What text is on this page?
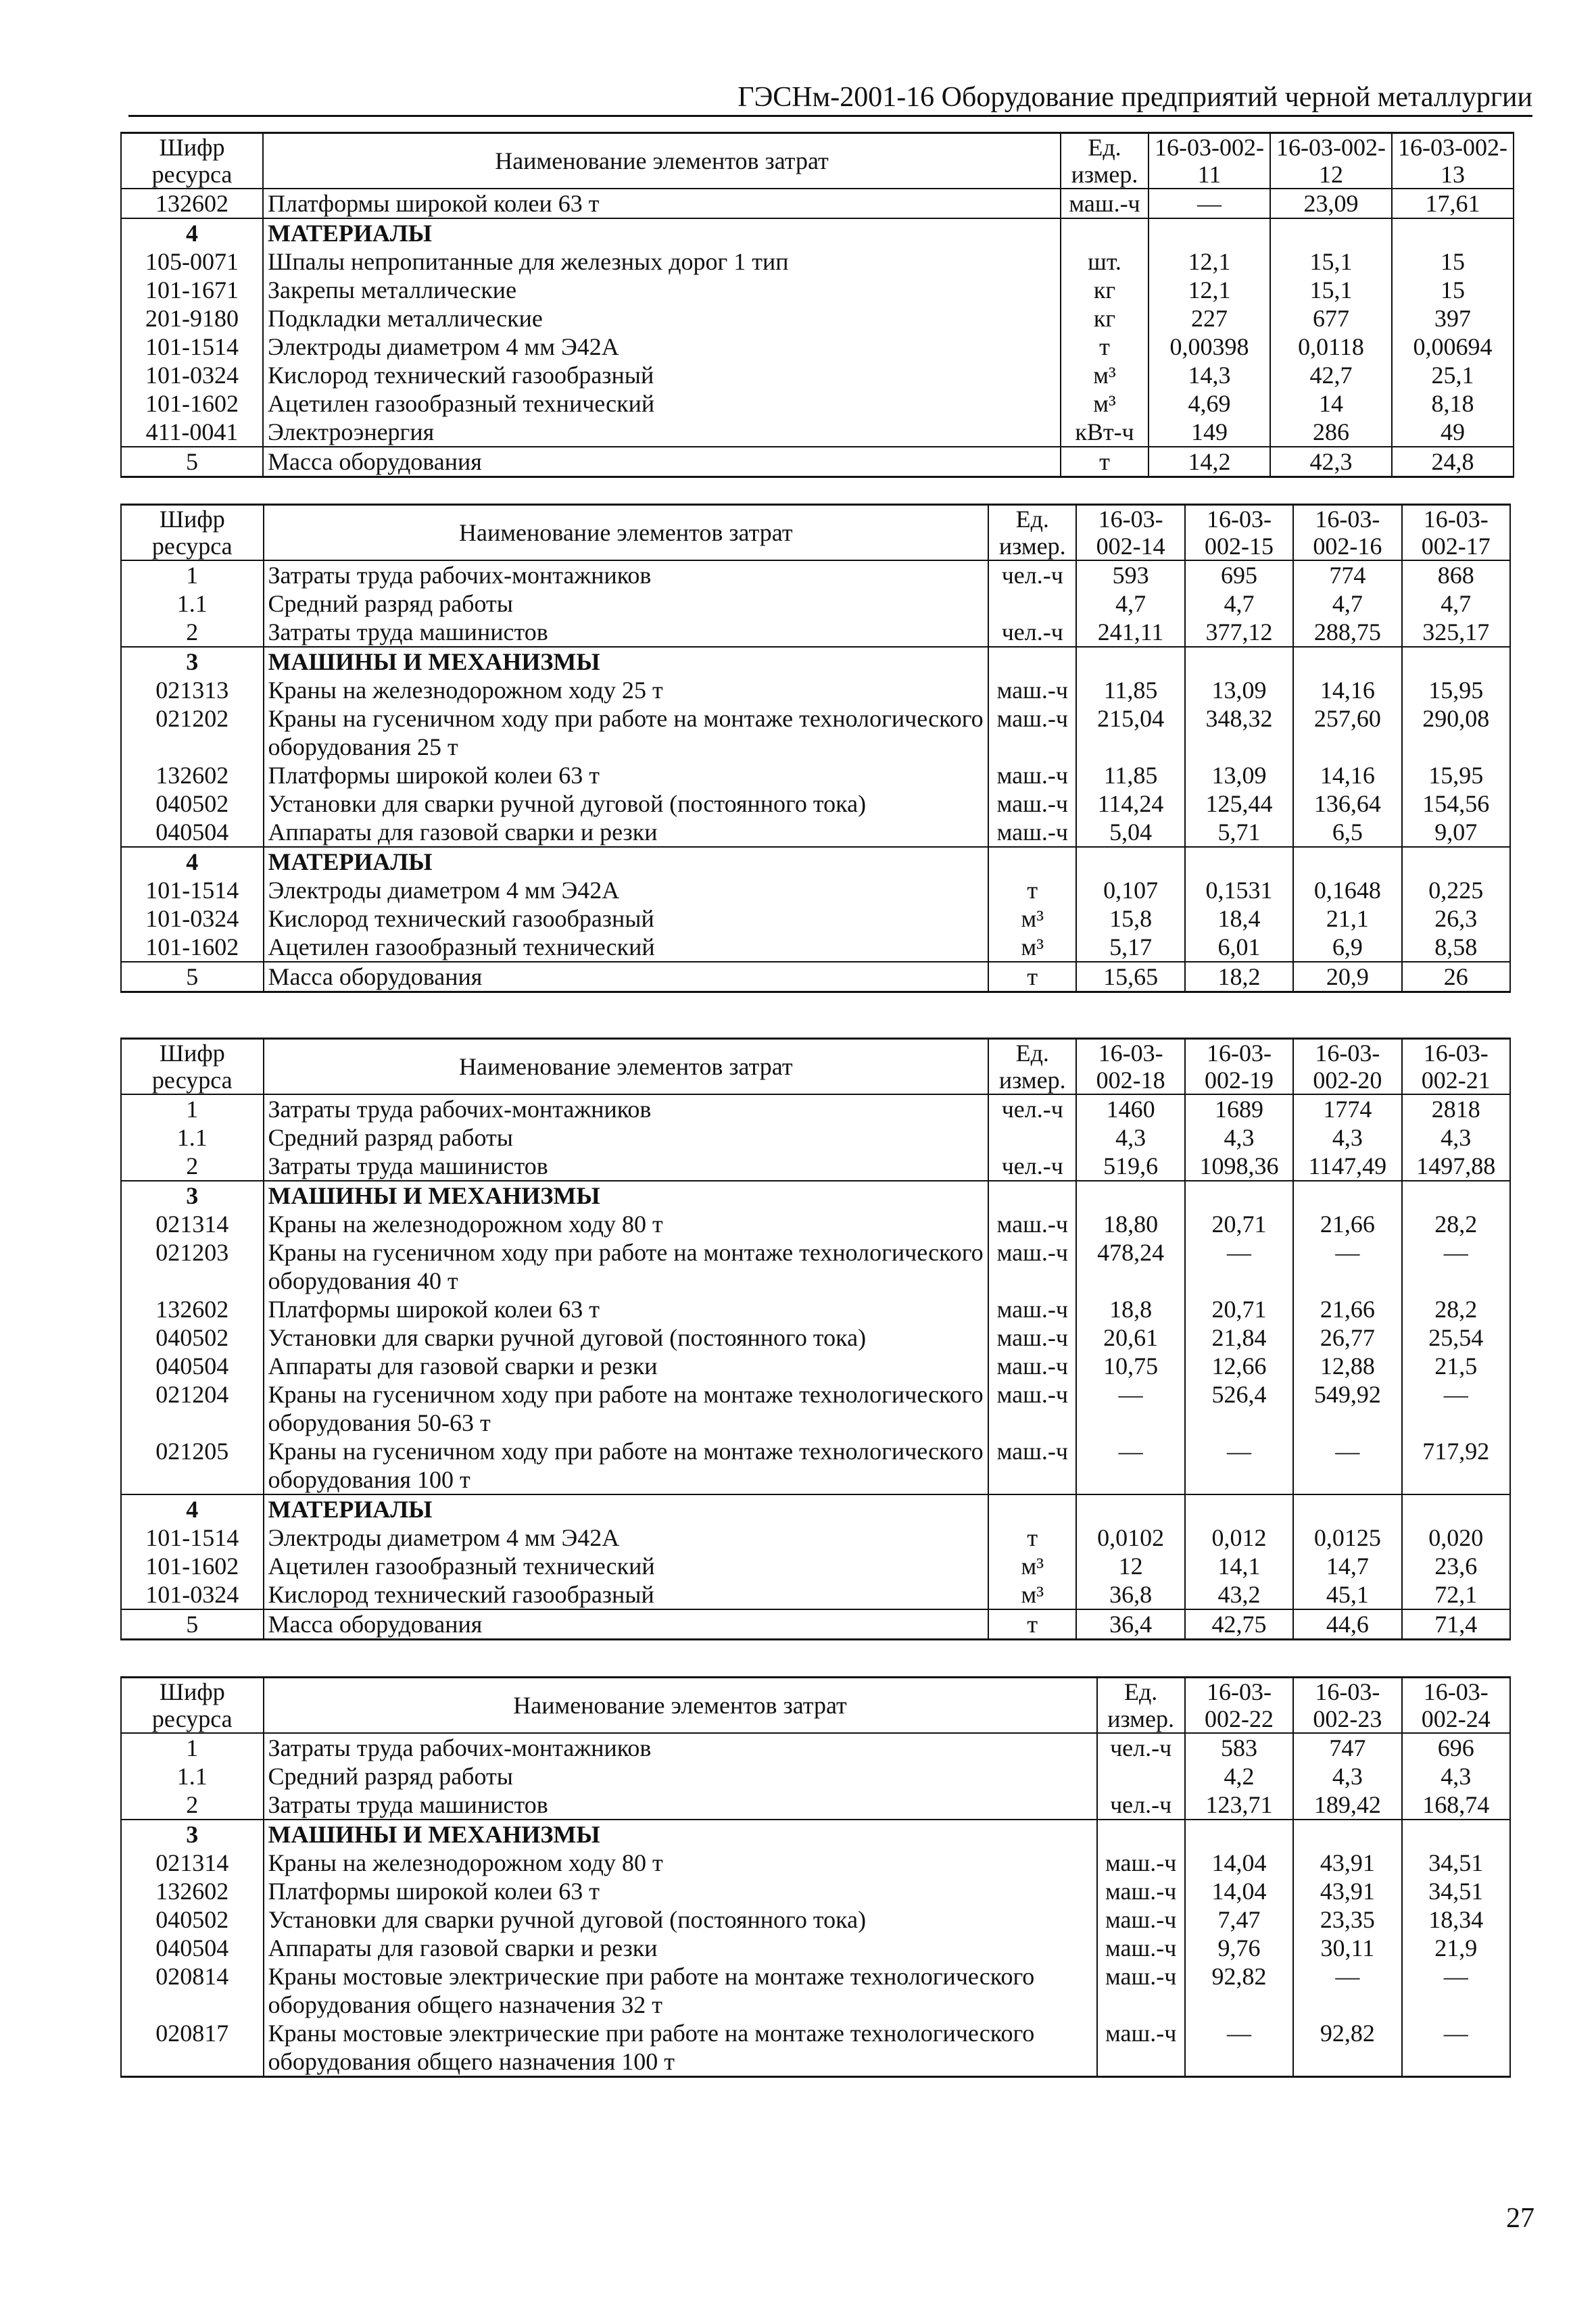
ГЭСНм-2001-16 Оборудование предприятий черной металлургии
Шифр ресурса	Наименование элементов затрат	Ед. измер.	16-03-002-11	16-03-002-12	16-03-002-13
132602	Платформы широкой колеи 63 т	маш.-ч	—	23,09	17,61
4	МАТЕРИАЛЫ				
105-0071	Шпалы непропитанные для железных дорог 1 тип	шт.	12,1	15,1	15
101-1671	Закрепы металлические	кг	12,1	15,1	15
201-9180	Подкладки металлические	кг	227	677	397
101-1514	Электроды диаметром 4 мм Э42А	т	0,00398	0,0118	0,00694
101-0324	Кислород технический газообразный	м³	14,3	42,7	25,1
101-1602	Ацетилен газообразный технический	м³	4,69	14	8,18
411-0041	Электроэнергия	кВт-ч	149	286	49
5	Масса оборудования	т	14,2	42,3	24,8
Шифр ресурса	Наименование элементов затрат	Ед. измер.	16-03-002-14	16-03-002-15	16-03-002-16	16-03-002-17
1	Затраты труда рабочих-монтажников	чел.-ч	593	695	774	868
1.1	Средний разряд работы		4,7	4,7	4,7	4,7
2	Затраты труда машинистов	чел.-ч	241,11	377,12	288,75	325,17
3	МАШИНЫ И МЕХАНИЗМЫ					
021313	Краны на железнодорожном ходу 25 т	маш.-ч	11,85	13,09	14,16	15,95
021202	Краны на гусеничном ходу при работе на монтаже технологического оборудования 25 т	маш.-ч	215,04	348,32	257,60	290,08
132602	Платформы широкой колеи 63 т	маш.-ч	11,85	13,09	14,16	15,95
040502	Установки для сварки ручной дуговой (постоянного тока)	маш.-ч	114,24	125,44	136,64	154,56
040504	Аппараты для газовой сварки и резки	маш.-ч	5,04	5,71	6,5	9,07
4	МАТЕРИАЛЫ					
101-1514	Электроды диаметром 4 мм Э42А	т	0,107	0,1531	0,1648	0,225
101-0324	Кислород технический газообразный	м³	15,8	18,4	21,1	26,3
101-1602	Ацетилен газообразный технический	м³	5,17	6,01	6,9	8,58
5	Масса оборудования	т	15,65	18,2	20,9	26
Шифр ресурса	Наименование элементов затрат	Ед. измер.	16-03-002-18	16-03-002-19	16-03-002-20	16-03-002-21
1	Затраты труда рабочих-монтажников	чел.-ч	1460	1689	1774	2818
1.1	Средний разряд работы		4,3	4,3	4,3	4,3
2	Затраты труда машинистов	чел.-ч	519,6	1098,36	1147,49	1497,88
3	МАШИНЫ И МЕХАНИЗМЫ					
021314	Краны на железнодорожном ходу 80 т	маш.-ч	18,80	20,71	21,66	28,2
021203	Краны на гусеничном ходу при работе на монтаже технологического оборудования 40 т	маш.-ч	478,24	—	—	—
132602	Платформы широкой колеи 63 т	маш.-ч	18,8	20,71	21,66	28,2
040502	Установки для сварки ручной дуговой (постоянного тока)	маш.-ч	20,61	21,84	26,77	25,54
040504	Аппараты для газовой сварки и резки	маш.-ч	10,75	12,66	12,88	21,5
021204	Краны на гусеничном ходу при работе на монтаже технологического оборудования 50-63 т	маш.-ч	—	526,4	549,92	—
021205	Краны на гусеничном ходу при работе на монтаже технологического оборудования 100 т	маш.-ч	—	—	—	717,92
4	МАТЕРИАЛЫ					
101-1514	Электроды диаметром 4 мм Э42А	т	0,0102	0,012	0,0125	0,020
101-1602	Ацетилен газообразный технический	м³	12	14,1	14,7	23,6
101-0324	Кислород технический газообразный	м³	36,8	43,2	45,1	72,1
5	Масса оборудования	т	36,4	42,75	44,6	71,4
Шифр ресурса	Наименование элементов затрат	Ед. измер.	16-03-002-22	16-03-002-23	16-03-002-24
1	Затраты труда рабочих-монтажников	чел.-ч	583	747	696
1.1	Средний разряд работы		4,2	4,3	4,3
2	Затраты труда машинистов	чел.-ч	123,71	189,42	168,74
3	МАШИНЫ И МЕХАНИЗМЫ				
021314	Краны на железнодорожном ходу 80 т	маш.-ч	14,04	43,91	34,51
132602	Платформы широкой колеи 63 т	маш.-ч	14,04	43,91	34,51
040502	Установки для сварки ручной дуговой (постоянного тока)	маш.-ч	7,47	23,35	18,34
040504	Аппараты для газовой сварки и резки	маш.-ч	9,76	30,11	21,9
020814	Краны мостовые электрические при работе на монтаже технологического оборудования общего назначения 32 т	маш.-ч	92,82	—	—
020817	Краны мостовые электрические при работе на монтаже технологического оборудования общего назначения 100 т	маш.-ч	—	92,82	—
27
